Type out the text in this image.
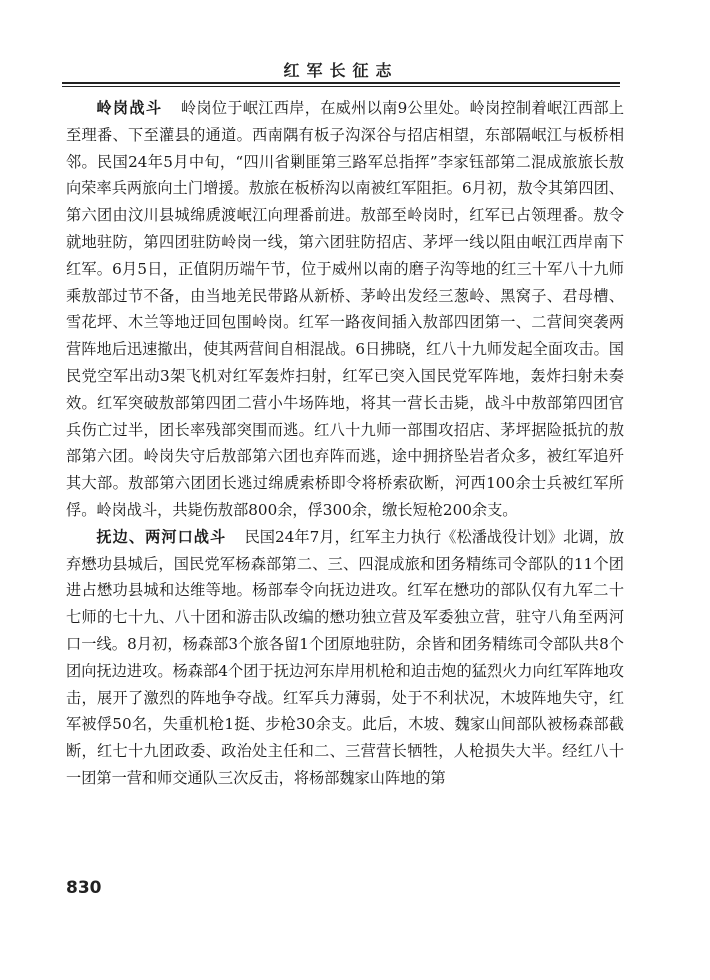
红军长征志

岭岗战斗 岭岗位于岷江西岸，在威州以南9公里处。岭岗控制着岷江西部上至理番、下至灌县的通道。西南隅有板子沟深谷与招店相望，东部隔岷江与板桥相邻。民国24年5月中旬，“四川省剿匪第三路军总指挥”李家钰部第二混成旅旅长敖向荣率兵两旅向土门增援。敖旅在板桥沟以南被红军阻拒。6月初，敖令其第四团、第六团由汶川县城绵虒渡岷江向理番前进。敖部至岭岗时，红军已占领理番。敖令就地驻防，第四团驻防岭岗一线，第六团驻防招店、茅坪一线以阻由岷江西岸南下红军。6月5日，正值阴历端午节，位于威州以南的磨子沟等地的红三十军八十九师乘敖部过节不备，由当地羌民带路从新桥、茅岭出发经三葱岭、黑窝子、君母槽、雪花坪、木兰等地迂回包围岭岗。红军一路夜间插入敖部四团第一、二营间突袭两营阵地后迅速撤出，使其两营间自相混战。6日拂晓，红八十九师发起全面攻击。国民党空军出动3架飞机对红军轰炸扫射，红军已突入国民党军阵地，轰炸扫射未奏效。红军突破敖部第四团二营小牛场阵地，将其一营长击毙，战斗中敖部第四团官兵伤亡过半，团长率残部突围而逃。红八十九师一部围攻招店、茅坪据险抵抗的敖部第六团。岭岗失守后敖部第六团也弃阵而逃，途中拥挤坠岩者众多，被红军追歼其大部。敖部第六团团长逃过绵虒索桥即令将桥索砍断，河西100余士兵被红军所俘。岭岗战斗，共毙伤敖部800余，俘300余，缴长短枪200余支。

抚边、两河口战斗 民国24年7月，红军主力执行《松潘战役计划》北调，放弃懋功县城后，国民党军杨森部第二、三、四混成旅和团务精练司令部队的11个团进占懋功县城和达维等地。杨部奉令向抚边进攻。红军在懋功的部队仅有九军二十七师的七十九、八十团和游击队改编的懋功独立营及军委独立营，驻守八角至两河口一线。8月初，杨森部3个旅各留1个团原地驻防，余皆和团务精练司令部队共8个团向抚边进攻。杨森部4个团于抚边河东岸用机枪和迫击炮的猛烈火力向红军阵地攻击，展开了激烈的阵地争夺战。红军兵力薄弱，处于不利状况，木坡阵地失守，红军被俘50名，失重机枪1挺、步枪30余支。此后，木坡、魏家山间部队被杨森部截断，红七十九团政委、政治处主任和二、三营营长牺牲，人枪损失大半。经红八十一团第一营和师交通队三次反击，将杨部魏家山阵地的第

830
